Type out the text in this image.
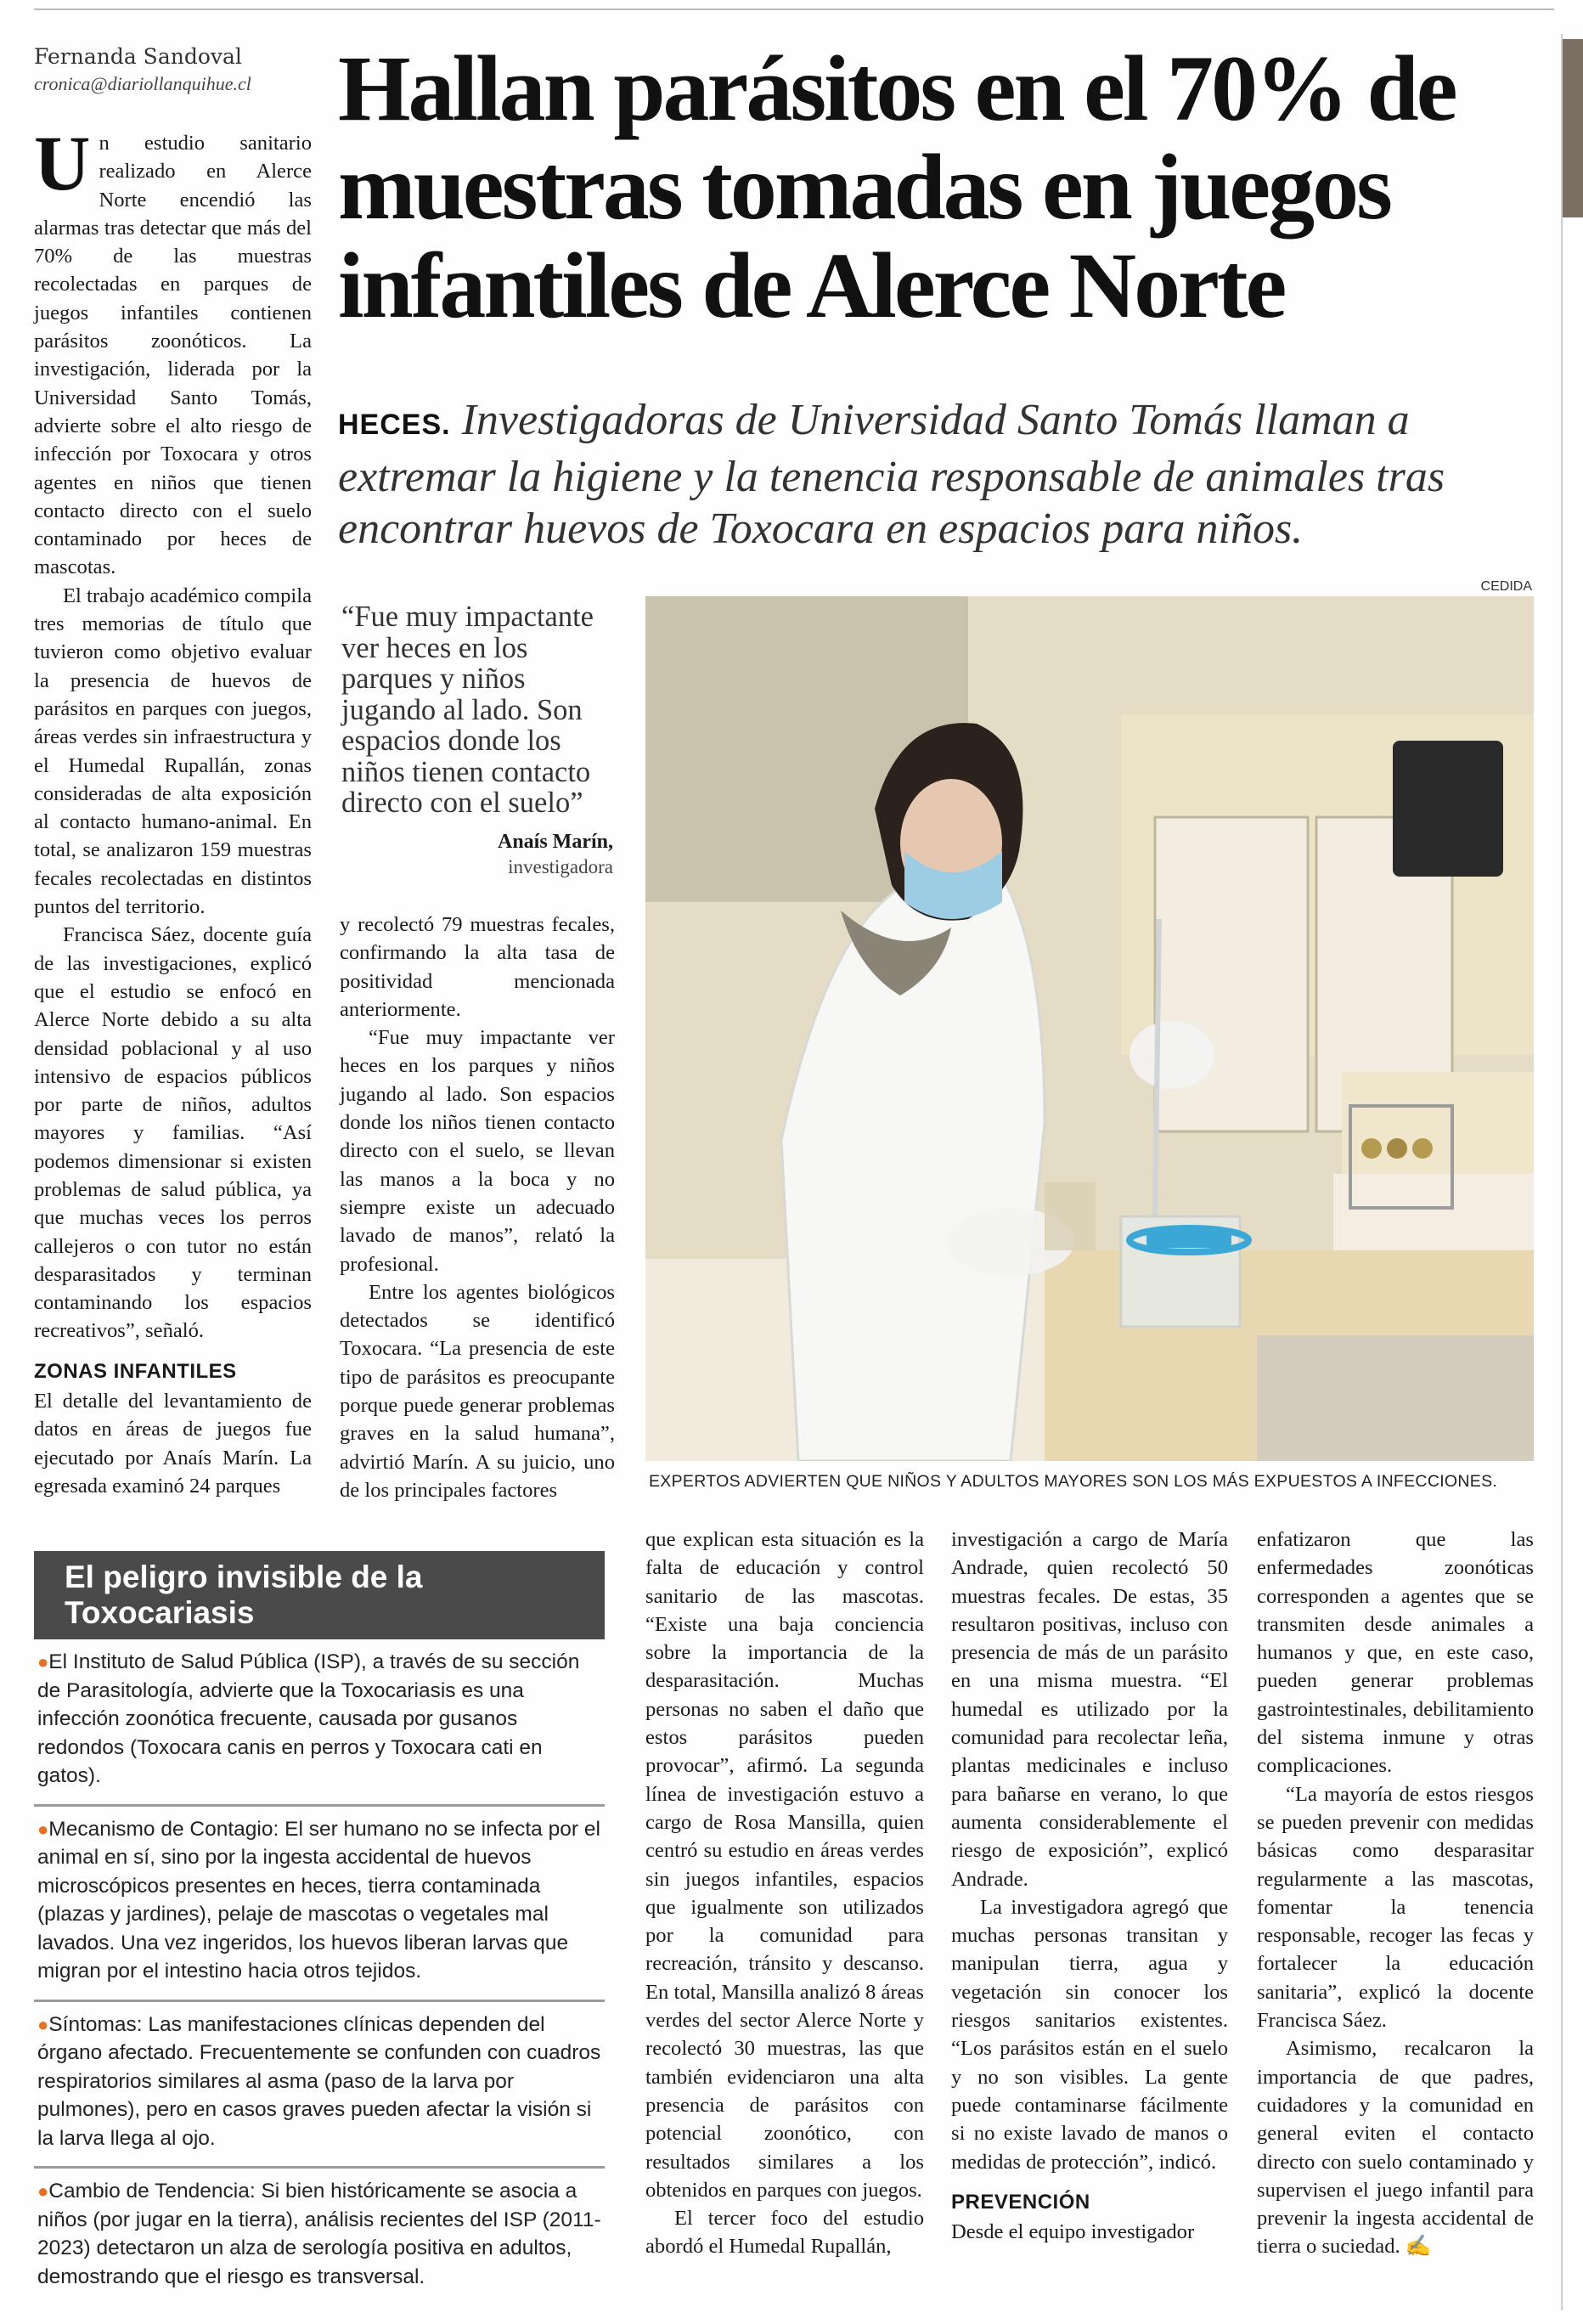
Fernanda Sandoval
cronica@diariollanquihue.cl Hallan parásitos en el 70% de muestras tomadas en juegos infantiles de Alerce Norte
HECES. Investigadoras de Universidad Santo Tomás llaman a extremar la higiene y la tenencia responsable de animales tras encontrar huevos de Toxocara en espacios para niños.

Un estudio sanitario realizado en Alerce Norte encendió las alarmas tras detectar que más del 70% de las muestras recolectadas en parques de juegos infantiles contienen parásitos zoonóticos. La investigación, liderada por la Universidad Santo Tomás, advierte sobre el alto riesgo de infección por Toxocara y otros agentes en niños que tienen contacto directo con el suelo contaminado por heces de mascotas.

El trabajo académico compila tres memorias de título que tuvieron como objetivo evaluar la presencia de huevos de parásitos en parques con juegos, áreas verdes sin infraestructura y el Humedal Rupallán, zonas consideradas de alta exposición al contacto humano-animal. En total, se analizaron 159 muestras fecales recolectadas en distintos puntos del territorio.

Francisca Sáez, docente guía de las investigaciones, explicó que el estudio se enfocó en Alerce Norte debido a su alta densidad poblacional y al uso intensivo de espacios públicos por parte de niños, adultos mayores y familias. “Así podemos dimensionar si existen problemas de salud pública, ya que muchas veces los perros callejeros o con tutor no están desparasitados y terminan contaminando los espacios recreativos”, señaló.

ZONAS INFANTILES

El detalle del levantamiento de datos en áreas de juegos fue ejecutado por Anaís Marín. La egresada examinó 24 parques

“Fue muy impactante ver heces en los parques y niños jugando al lado. Son espacios donde los niños tienen contacto directo con el suelo”
Anaís Marín,
investigadora

y recolectó 79 muestras fecales, confirmando la alta tasa de positividad mencionada anteriormente.

“Fue muy impactante ver heces en los parques y niños jugando al lado. Son espacios donde los niños tienen contacto directo con el suelo, se llevan las manos a la boca y no siempre existe un adecuado lavado de manos”, relató la profesional.

Entre los agentes biológicos detectados se identificó Toxocara. “La presencia de este tipo de parásitos es preocupante porque puede generar problemas graves en la salud humana”, advirtió Marín. A su juicio, uno de los principales factores

CEDIDA
EXPERTOS ADVIERTEN QUE NIÑOS Y ADULTOS MAYORES SON LOS MÁS EXPUESTOS A INFECCIONES.
El peligro invisible de la Toxocariasis
●El Instituto de Salud Pública (ISP), a través de su sección de Parasitología, advierte que la Toxocariasis es una infección zoonótica frecuente, causada por gusanos redondos (Toxocara canis en perros y Toxocara cati en gatos).
●Mecanismo de Contagio: El ser humano no se infecta por el animal en sí, sino por la ingesta accidental de huevos microscópicos presentes en heces, tierra contaminada (plazas y jardines), pelaje de mascotas o vegetales mal lavados. Una vez ingeridos, los huevos liberan larvas que migran por el intestino hacia otros tejidos.
●Síntomas: Las manifestaciones clínicas dependen del órgano afectado. Frecuentemente se confunden con cuadros respiratorios similares al asma (paso de la larva por pulmones), pero en casos graves pueden afectar la visión si la larva llega al ojo.
●Cambio de Tendencia: Si bien históricamente se asocia a niños (por jugar en la tierra), análisis recientes del ISP (2011-2023) detectaron un alza de serología positiva en adultos, demostrando que el riesgo es transversal.

que explican esta situación es la falta de educación y control sanitario de las mascotas. “Existe una baja conciencia sobre la importancia de la desparasitación. Muchas personas no saben el daño que estos parásitos pueden provocar”, afirmó. La segunda línea de investigación estuvo a cargo de Rosa Mansilla, quien centró su estudio en áreas verdes sin juegos infantiles, espacios que igualmente son utilizados por la comunidad para recreación, tránsito y descanso. En total, Mansilla analizó 8 áreas verdes del sector Alerce Norte y recolectó 30 muestras, las que también evidenciaron una alta presencia de parásitos con potencial zoonótico, con resultados similares a los obtenidos en parques con juegos.

El tercer foco del estudio abordó el Humedal Rupallán,

investigación a cargo de María Andrade, quien recolectó 50 muestras fecales. De estas, 35 resultaron positivas, incluso con presencia de más de un parásito en una misma muestra. “El humedal es utilizado por la comunidad para recolectar leña, plantas medicinales e incluso para bañarse en verano, lo que aumenta considerablemente el riesgo de exposición”, explicó Andrade.

La investigadora agregó que muchas personas transitan y manipulan tierra, agua y vegetación sin conocer los riesgos sanitarios existentes. “Los parásitos están en el suelo y no son visibles. La gente puede contaminarse fácilmente si no existe lavado de manos o medidas de protección”, indicó.

PREVENCIÓN

Desde el equipo investigador

enfatizaron que las enfermedades zoonóticas corresponden a agentes que se transmiten desde animales a humanos y que, en este caso, pueden generar problemas gastrointestinales, debilitamiento del sistema inmune y otras complicaciones.

“La mayoría de estos riesgos se pueden prevenir con medidas básicas como desparasitar regularmente a las mascotas, fomentar la tenencia responsable, recoger las fecas y fortalecer la educación sanitaria”, explicó la docente Francisca Sáez.

Asimismo, recalcaron la importancia de que padres, cuidadores y la comunidad en general eviten el contacto directo con suelo contaminado y supervisen el juego infantil para prevenir la ingesta accidental de tierra o suciedad. ✍
